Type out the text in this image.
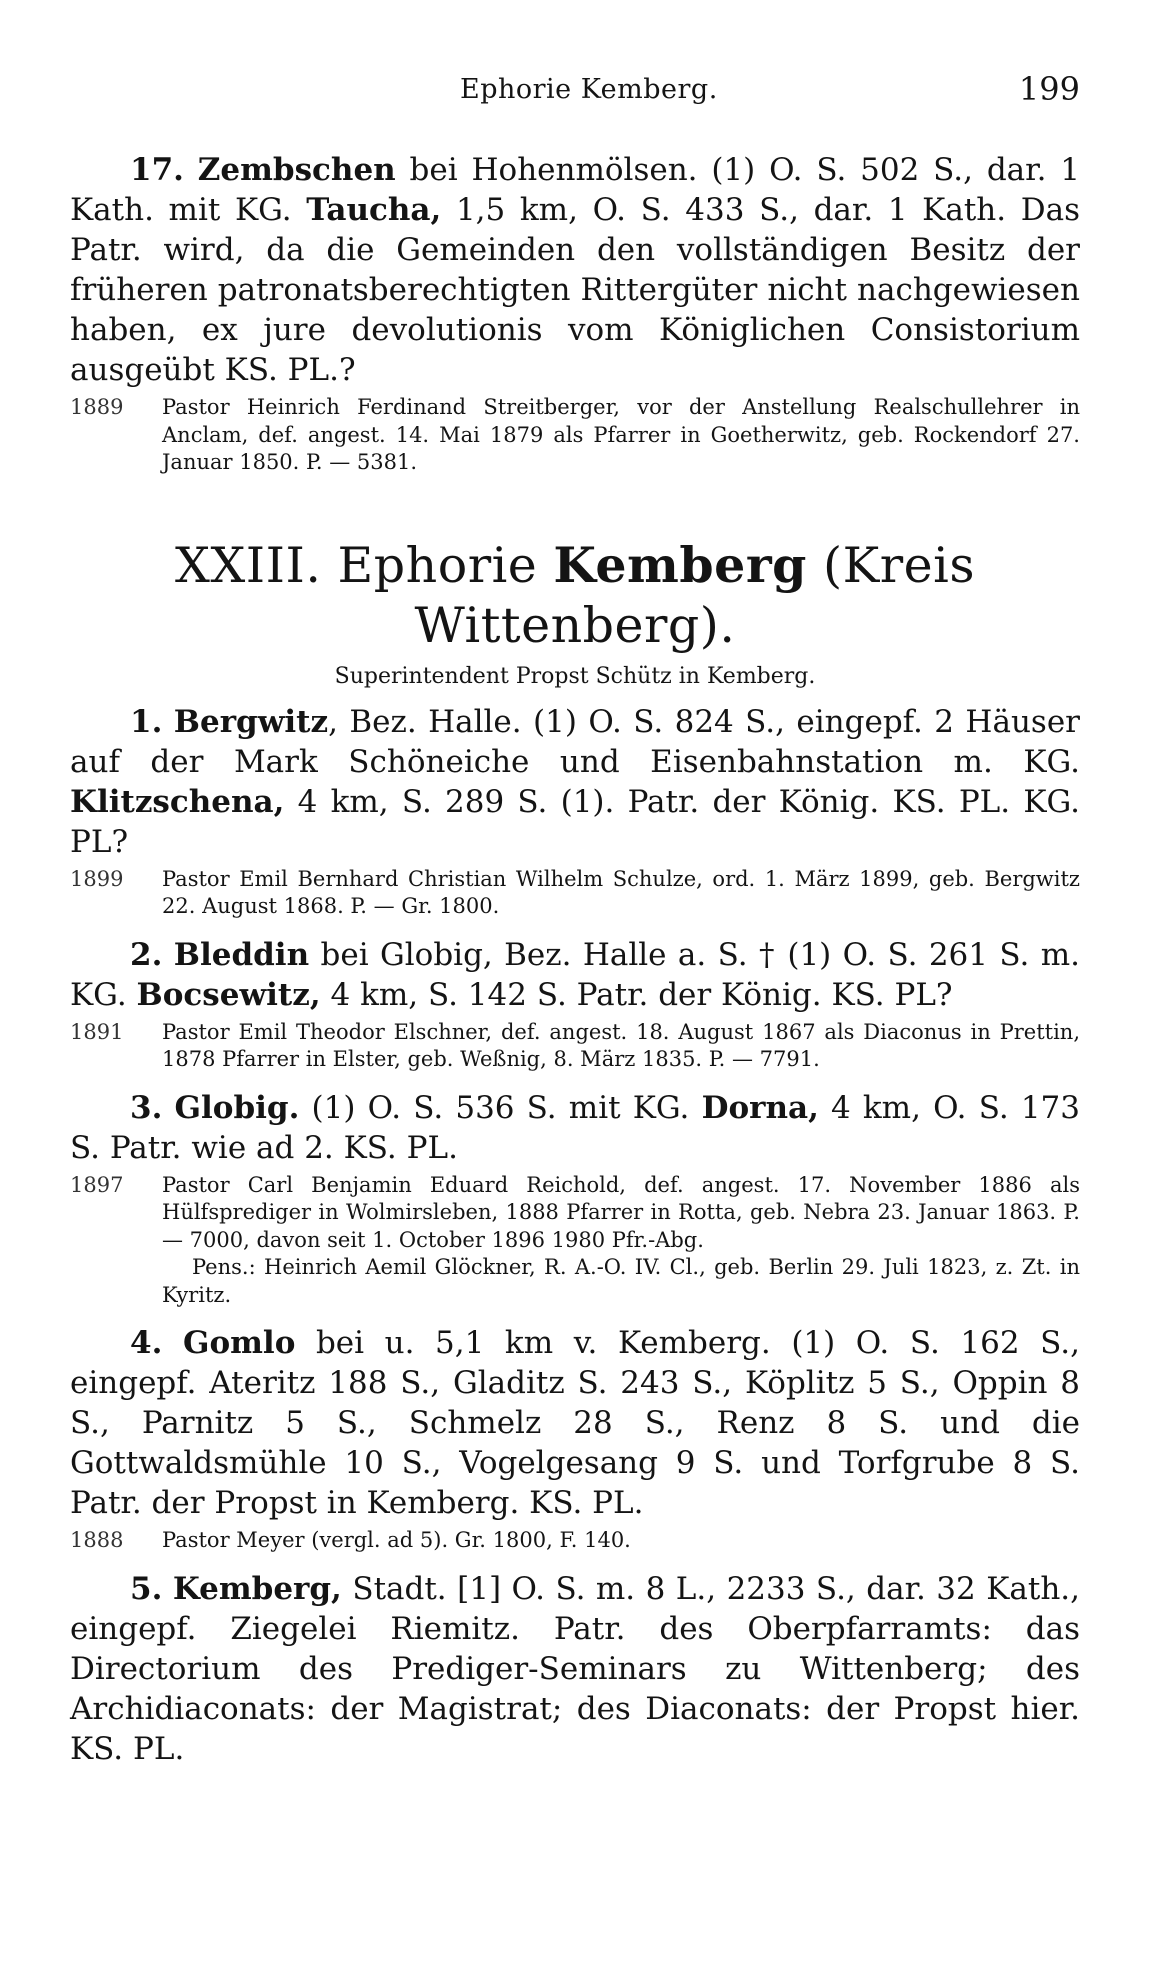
Ephorie Kemberg.	199

17. Zembschen bei Hohenmölsen. (1) O. S. 502 S., dar. 1 Kath. mit KG. Taucha, 1,5 km, O. S. 433 S., dar. 1 Kath. Das Patr. wird, da die Gemeinden den vollständigen Besitz der früheren patronatsberechtigten Rittergüter nicht nachgewiesen haben, ex jure devolutionis vom Königlichen Consistorium ausgeübt KS. PL.?

1889 Pastor Heinrich Ferdinand Streitberger, vor der Anstellung Realschullehrer in Anclam, def. angest. 14. Mai 1879 als Pfarrer in Goetherwitz, geb. Rockendorf 27. Januar 1850. P. — 5381.

XXIII. Ephorie Kemberg (Kreis Wittenberg).

Superintendent Propst Schütz in Kemberg.

1. Bergwitz, Bez. Halle. (1) O. S. 824 S., eingepf. 2 Häuser auf der Mark Schöneiche und Eisenbahnstation m. KG. Klitzschena, 4 km, S. 289 S. (1). Patr. der König. KS. PL. KG. PL?

1899 Pastor Emil Bernhard Christian Wilhelm Schulze, ord. 1. März 1899, geb. Bergwitz 22. August 1868. P. — Gr. 1800.

2. Bleddin bei Globig, Bez. Halle a. S. † (1) O. S. 261 S. m. KG. Bocsewitz, 4 km, S. 142 S. Patr. der König. KS. PL?

1891 Pastor Emil Theodor Elschner, def. angest. 18. August 1867 als Diaconus in Prettin, 1878 Pfarrer in Elster, geb. Weßnig, 8. März 1835. P. — 7791.

3. Globig. (1) O. S. 536 S. mit KG. Dorna, 4 km, O. S. 173 S. Patr. wie ad 2. KS. PL.

1897 Pastor Carl Benjamin Eduard Reichold, def. angest. 17. November 1886 als Hülfsprediger in Wolmirsleben, 1888 Pfarrer in Rotta, geb. Nebra 23. Januar 1863. P. — 7000, davon seit 1. October 1896 1980 Pfr.-Abg.

Pens.: Heinrich Aemil Glöckner, R. A.-O. IV. Cl., geb. Berlin 29. Juli 1823, z. Zt. in Kyritz.

4. Gomlo bei u. 5,1 km v. Kemberg. (1) O. S. 162 S., eingepf. Ateritz 188 S., Gladitz S. 243 S., Köplitz 5 S., Oppin 8 S., Parnitz 5 S., Schmelz 28 S., Renz 8 S. und die Gottwaldsmühle 10 S., Vogelgesang 9 S. und Torfgrube 8 S. Patr. der Propst in Kemberg. KS. PL.

1888 Pastor Meyer (vergl. ad 5). Gr. 1800, F. 140.

5. Kemberg, Stadt. [1] O. S. m. 8 L., 2233 S., dar. 32 Kath., eingepf. Ziegelei Riemitz. Patr. des Oberpfarramts: das Directorium des Prediger-Seminars zu Wittenberg; des Archidiaconats: der Magistrat; des Diaconats: der Propst hier. KS. PL.
